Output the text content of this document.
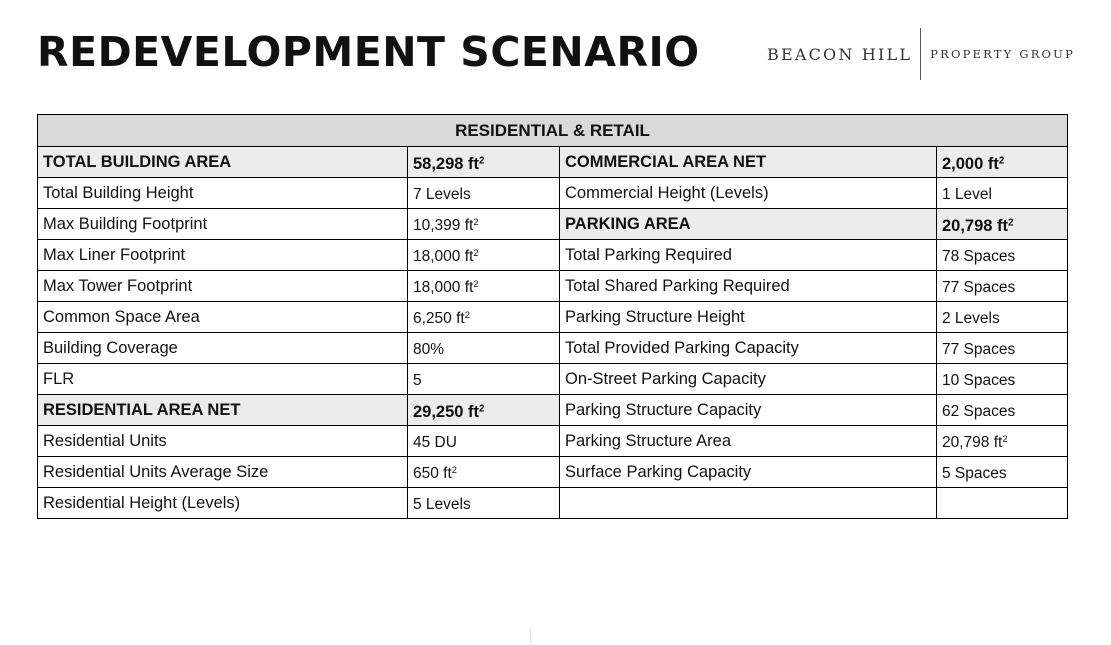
REDEVELOPMENT SCENARIO	BEACON HILL	PROPERTY GROUP
RESIDENTIAL & RETAIL			
TOTAL BUILDING AREA	58,298 $ft^2$	COMMERCIAL AREA NET	2,000 $ft^2$
Total Building Height	7 Levels	Commercial Height (Levels)	1 Level
Max Building Footprint	10,399 $ft^2$	PARKING AREA	20,798 $ft^2$
Max Liner Footprint	18,000 $ft^2$	Total Parking Required	78 Spaces
Max Tower Footprint	18,000 $ft^2$	Total Shared Parking Required	77 Spaces
Common Space Area	6,250 $ft^2$	Parking Structure Height	2 Levels
Building Coverage	80%	Total Provided Parking Capacity	77 Spaces
FLR	5	On-Street Parking Capacity	10 Spaces
RESIDENTIAL AREA NET	29,250 $ft^2$	Parking Structure Capacity	62 Spaces
Residential Units	45 DU	Parking Structure Area	20,798 $ft^2$
Residential Units Average Size	650 $ft^2$	Surface Parking Capacity	5 Spaces
Residential Height (Levels)	5 Levels		
